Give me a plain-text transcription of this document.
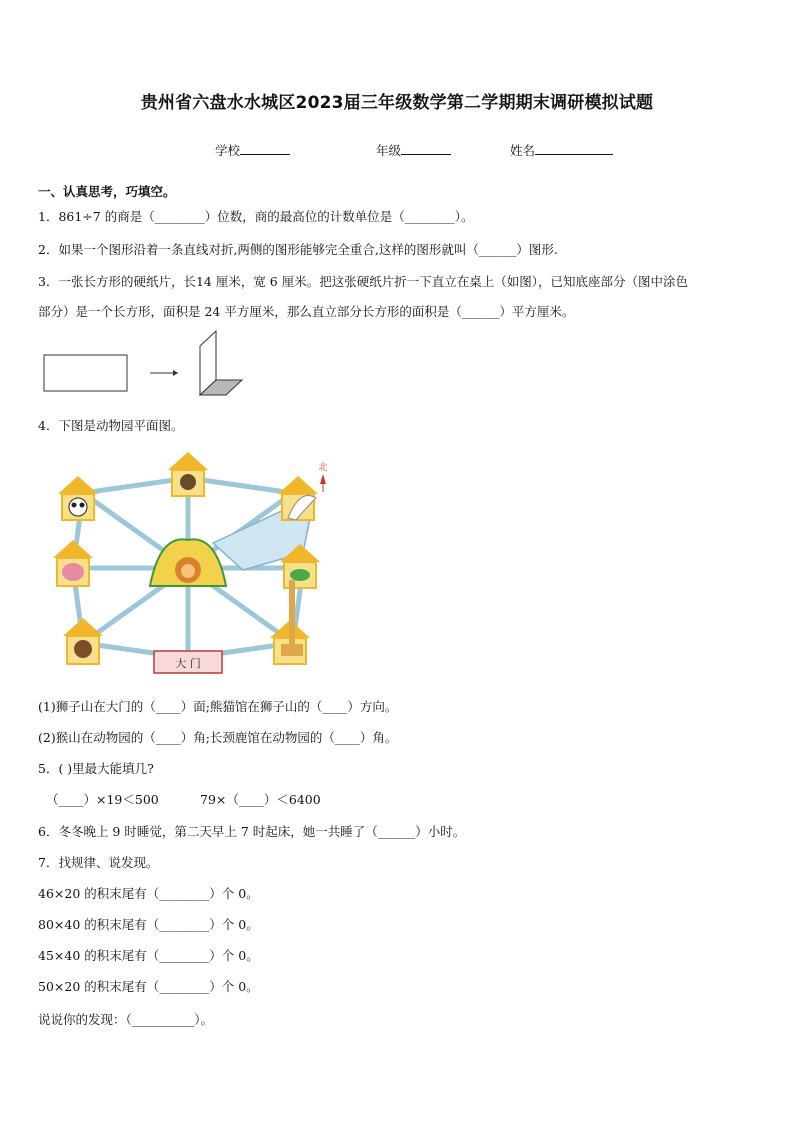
贵州省六盘水水城区2023届三年级数学第二学期期末调研模拟试题
学校	年级	姓名
一、认真思考，巧填空。
1．861÷7 的商是（________）位数，商的最高位的计数单位是（________）。
2．如果一个图形沿着一条直线对折,两侧的图形能够完全重合,这样的图形就叫（______）图形.
3．一张长方形的硬纸片，长14 厘米，宽 6 厘米。把这张硬纸片折一下直立在桌上（如图），已知底座部分（图中涂色
部分）是一个长方形，面积是 24 平方厘米，那么直立部分长方形的面积是（______）平方厘米。
4．下图是动物园平面图。
大 门
北
(1)狮子山在大门的（____）面;熊猫馆在狮子山的（____）方向。
(2)猴山在动物园的（____）角;长颈鹿馆在动物园的（____）角。
5．( )里最大能填几?
（____）×19＜500	79×（____）＜6400
6．冬冬晚上 9 时睡觉，第二天早上 7 时起床，她一共睡了（______）小时。
7．找规律、说发现。
46×20 的积末尾有（________）个 0。
80×40 的积末尾有（________）个 0。
45×40 的积末尾有（________）个 0。
50×20 的积末尾有（________）个 0。
说说你的发现：（__________）。
